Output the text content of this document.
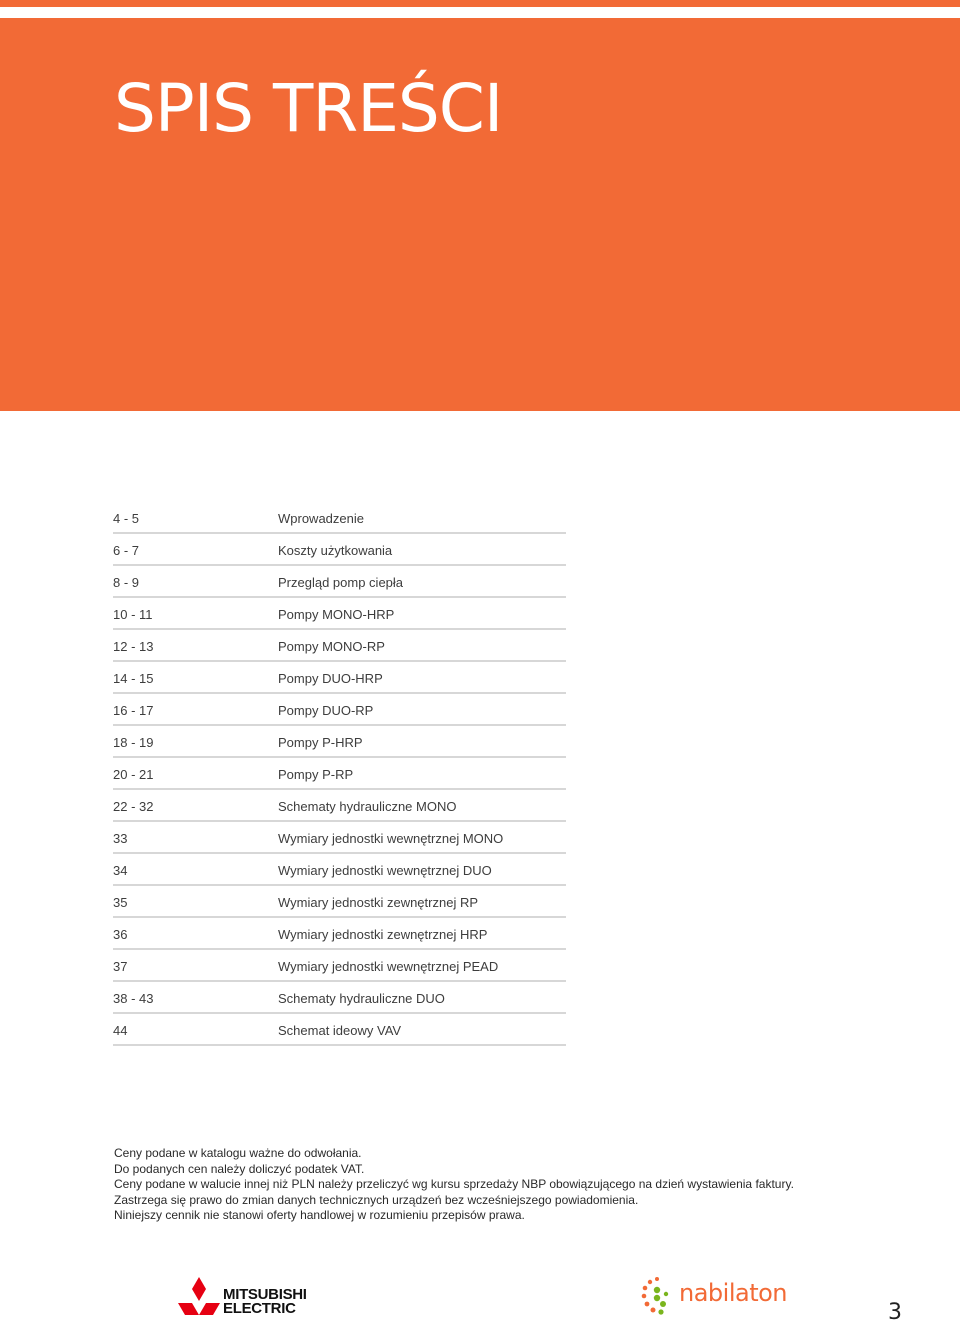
SPIS TREŚCI
4 - 5	Wprowadzenie
6 - 7	Koszty użytkowania
8 - 9	Przegląd pomp ciepła
10 - 11	Pompy MONO-HRP
12 - 13	Pompy MONO-RP
14 - 15	Pompy DUO-HRP
16 - 17	Pompy DUO-RP
18 - 19	Pompy P-HRP
20 - 21	Pompy P-RP
22 - 32	Schematy hydrauliczne MONO
33	Wymiary jednostki wewnętrznej MONO
34	Wymiary jednostki wewnętrznej DUO
35	Wymiary jednostki zewnętrznej RP
36	Wymiary jednostki zewnętrznej HRP
37	Wymiary jednostki wewnętrznej PEAD
38 - 43	Schematy hydrauliczne DUO
44	Schemat ideowy VAV
Ceny podane w katalogu ważne do odwołania.
Do podanych cen należy doliczyć podatek VAT.
Ceny podane w walucie innej niż PLN należy przeliczyć wg kursu sprzedaży NBP obowiązującego na dzień wystawienia faktury.
Zastrzega się prawo do zmian danych technicznych urządzeń bez wcześniejszego powiadomienia.
Niniejszy cennik nie stanowi oferty handlowej w rozumieniu przepisów prawa.
MITSUBISHI
ELECTRIC
nabilaton
3
